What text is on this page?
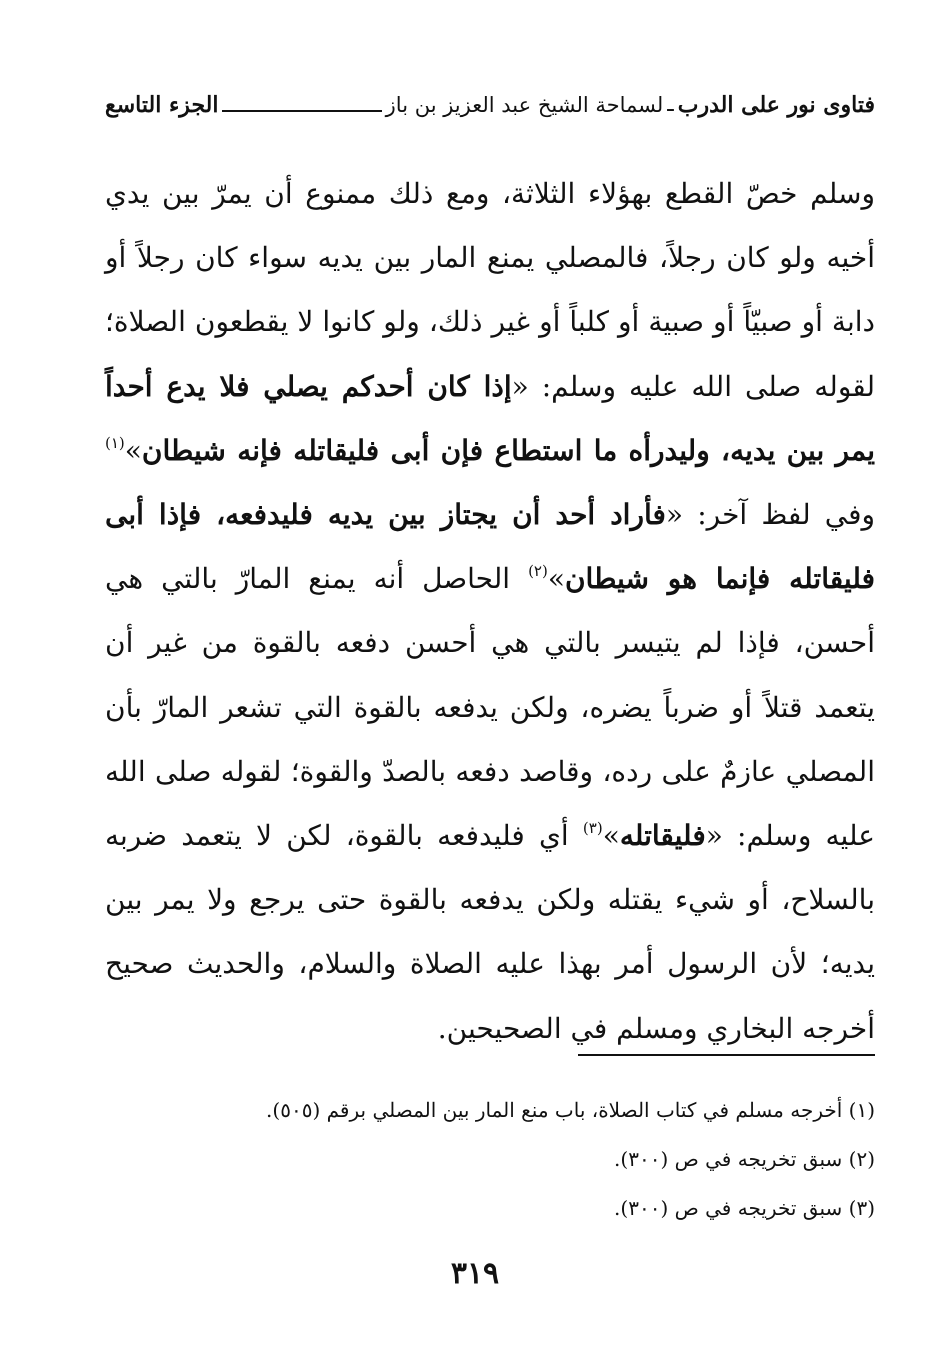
فتاوى نور على الدرب
ـ
لسماحة الشيخ عبد العزيز بن باز
الجزء التاسع
وسلم خصّ القطع بهؤلاء الثلاثة، ومع ذلك ممنوع أن يمرّ بين يدي أخيه ولو كان رجلاً، فالمصلي يمنع المار بين يديه سواء كان رجلاً أو دابة أو صبيّاً أو صبية أو كلباً أو غير ذلك، ولو كانوا لا يقطعون الصلاة؛ لقوله صلى الله عليه وسلم: «إذا كان أحدكم يصلي فلا يدع أحداً يمر بين يديه، وليدرأه ما استطاع فإن أبى فليقاتله فإنه شيطان»$^{(١)}$ وفي لفظ آخر: «فأراد أحد أن يجتاز بين يديه فليدفعه، فإذا أبى فليقاتله فإنما هو شيطان»$^{(٢)}$ الحاصل أنه يمنع المارّ بالتي هي أحسن، فإذا لم يتيسر بالتي هي أحسن دفعه بالقوة من غير أن يتعمد قتلاً أو ضرباً يضره، ولكن يدفعه بالقوة التي تشعر المارّ بأن المصلي عازمٌ على رده، وقاصد دفعه بالصدّ والقوة؛ لقوله صلى الله عليه وسلم: «فليقاتله»$^{(٣)}$ أي فليدفعه بالقوة، لكن لا يتعمد ضربه بالسلاح، أو شيء يقتله ولكن يدفعه بالقوة حتى يرجع ولا يمر بين يديه؛ لأن الرسول أمر بهذا عليه الصلاة والسلام، والحديث صحيح أخرجه البخاري ومسلم في الصحيحين.
(١) أخرجه مسلم في كتاب الصلاة، باب منع المار بين المصلي برقم (٥٠٥).
(٢) سبق تخريجه في ص (٣٠٠).
(٣) سبق تخريجه في ص (٣٠٠).
٣١٩
